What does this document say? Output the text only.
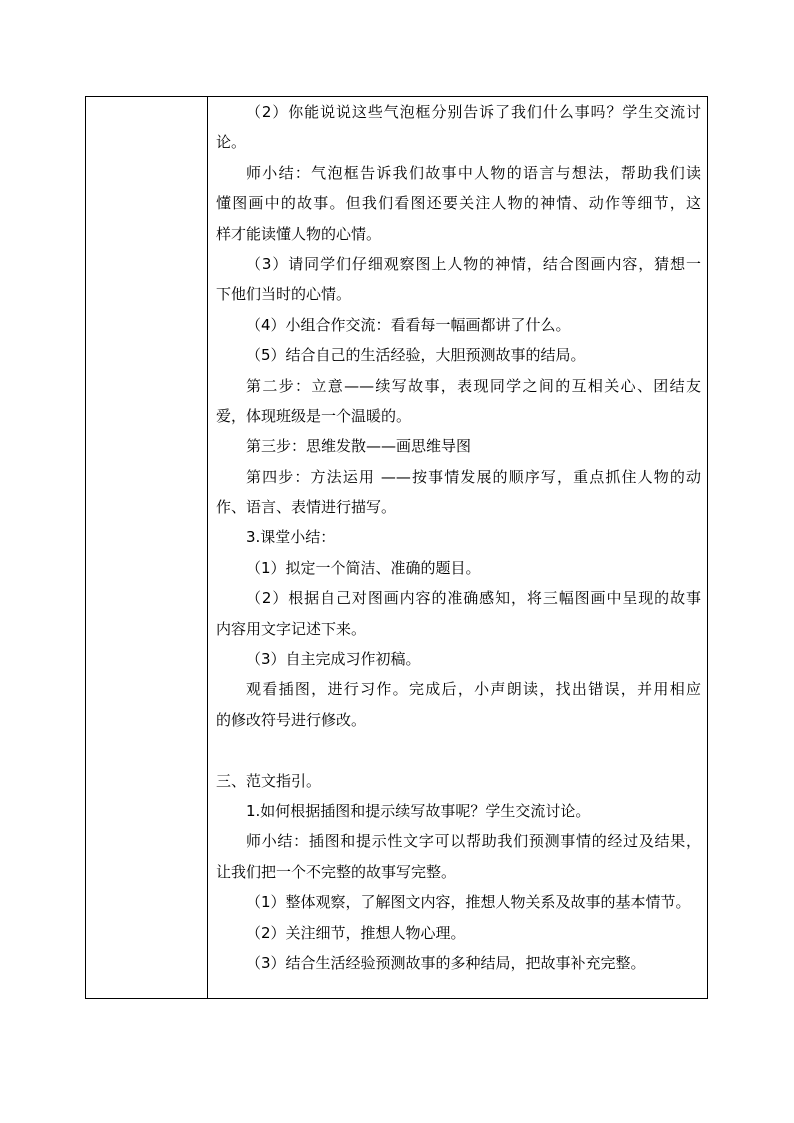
（2）你能说说这些气泡框分别告诉了我们什么事吗？学生交流讨
论。
师小结：气泡框告诉我们故事中人物的语言与想法，帮助我们读
懂图画中的故事。但我们看图还要关注人物的神情、动作等细节，这
样才能读懂人物的心情。
（3）请同学们仔细观察图上人物的神情，结合图画内容，猜想一
下他们当时的心情。
（4）小组合作交流：看看每一幅画都讲了什么。
（5）结合自己的生活经验，大胆预测故事的结局。
第二步：立意——续写故事，表现同学之间的互相关心、团结友
爱，体现班级是一个温暖的。
第三步：思维发散——画思维导图
第四步：方法运用 ——按事情发展的顺序写，重点抓住人物的动
作、语言、表情进行描写。
3.课堂小结：
（1）拟定一个简洁、准确的题目。
（2）根据自己对图画内容的准确感知，将三幅图画中呈现的故事
内容用文字记述下来。
（3）自主完成习作初稿。
观看插图，进行习作。完成后，小声朗读，找出错误，并用相应
的修改符号进行修改。
三、范文指引。
1.如何根据插图和提示续写故事呢？学生交流讨论。
师小结：插图和提示性文字可以帮助我们预测事情的经过及结果，
让我们把一个不完整的故事写完整。
（1）整体观察，了解图文内容，推想人物关系及故事的基本情节。
（2）关注细节，推想人物心理。
（3）结合生活经验预测故事的多种结局，把故事补充完整。
